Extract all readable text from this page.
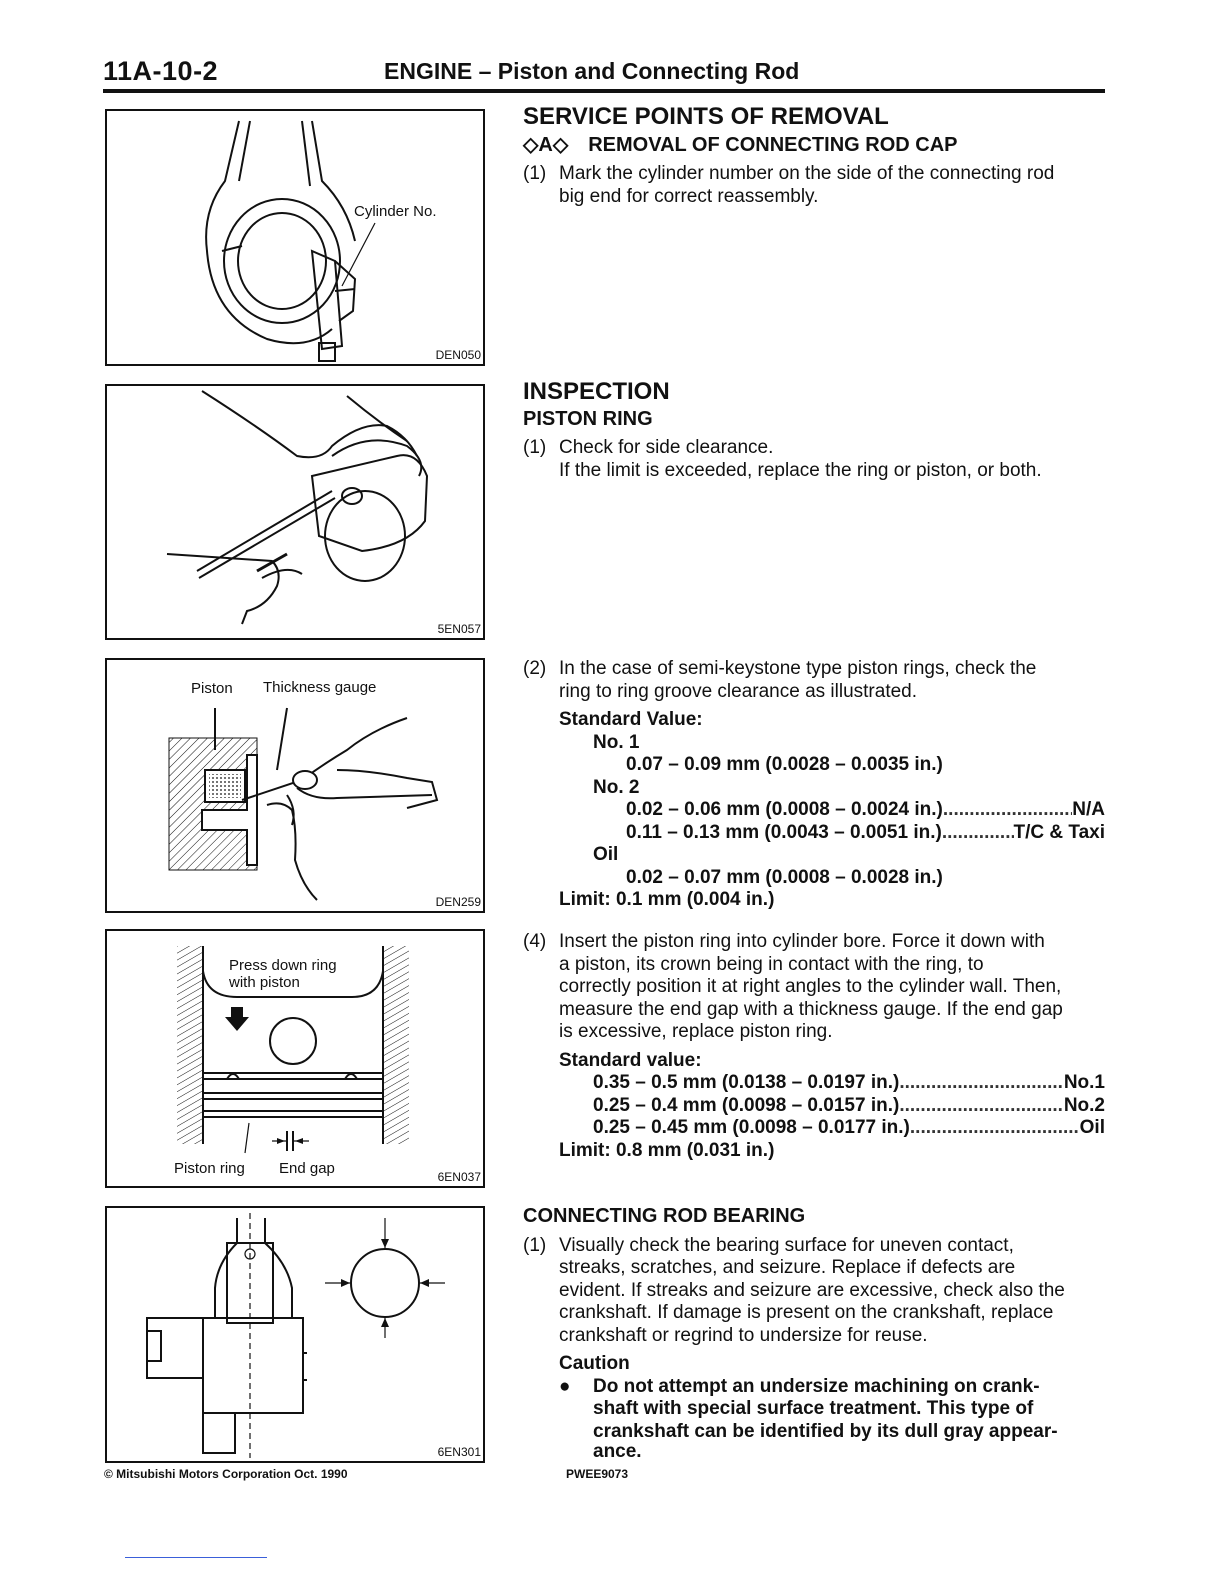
11A-10-2	ENGINE – Piston and Connecting Rod
Cylinder No.
DEN050
5EN057
Piston Thickness gauge
DEN259
Press down ring
with piston
Piston ring End gap	6EN037
6EN301
SERVICE POINTS OF REMOVAL
◇A◇ REMOVAL OF CONNECTING ROD CAP
(1) Mark the cylinder number on the side of the connecting rod
big end for correct reassembly.
INSPECTION
PISTON RING
(1) Check for side clearance.
If the limit is exceeded, replace the ring or piston, or both.
(2) In the case of semi-keystone type piston rings, check the
ring to ring groove clearance as illustrated.
Standard Value:
No. 1
0.07 – 0.09 mm (0.0028 – 0.0035 in.)
No. 2
0.02 – 0.06 mm (0.0008 – 0.0024 in.) .....	N/A
0.11 – 0.13 mm (0.0043 – 0.0051 in.) .....	T/C & Taxi
Oil
0.02 – 0.07 mm (0.0008 – 0.0028 in.)
Limit: 0.1 mm (0.004 in.)
(4) Insert the piston ring into cylinder bore. Force it down with
a piston, its crown being in contact with the ring, to
correctly position it at right angles to the cylinder wall. Then,
measure the end gap with a thickness gauge. If the end gap
is excessive, replace piston ring.
Standard value:
0.35 – 0.5 mm (0.0138 – 0.0197 in.) .....	No.1
0.25 – 0.4 mm (0.0098 – 0.0157 in.) .....	No.2
0.25 – 0.45 mm (0.0098 – 0.0177 in.) .....	Oil
Limit: 0.8 mm (0.031 in.)
CONNECTING ROD BEARING
(1) Visually check the bearing surface for uneven contact,
streaks, scratches, and seizure. Replace if defects are
evident. If streaks and seizure are excessive, check also the
crankshaft. If damage is present on the crankshaft, replace
crankshaft or regrind to undersize for reuse.
Caution
● Do not attempt an undersize machining on crank-
shaft with special surface treatment. This type of
crankshaft can be identified by its dull gray appear-
ance.
© Mitsubishi Motors Corporation Oct. 1990	PWEE9073
